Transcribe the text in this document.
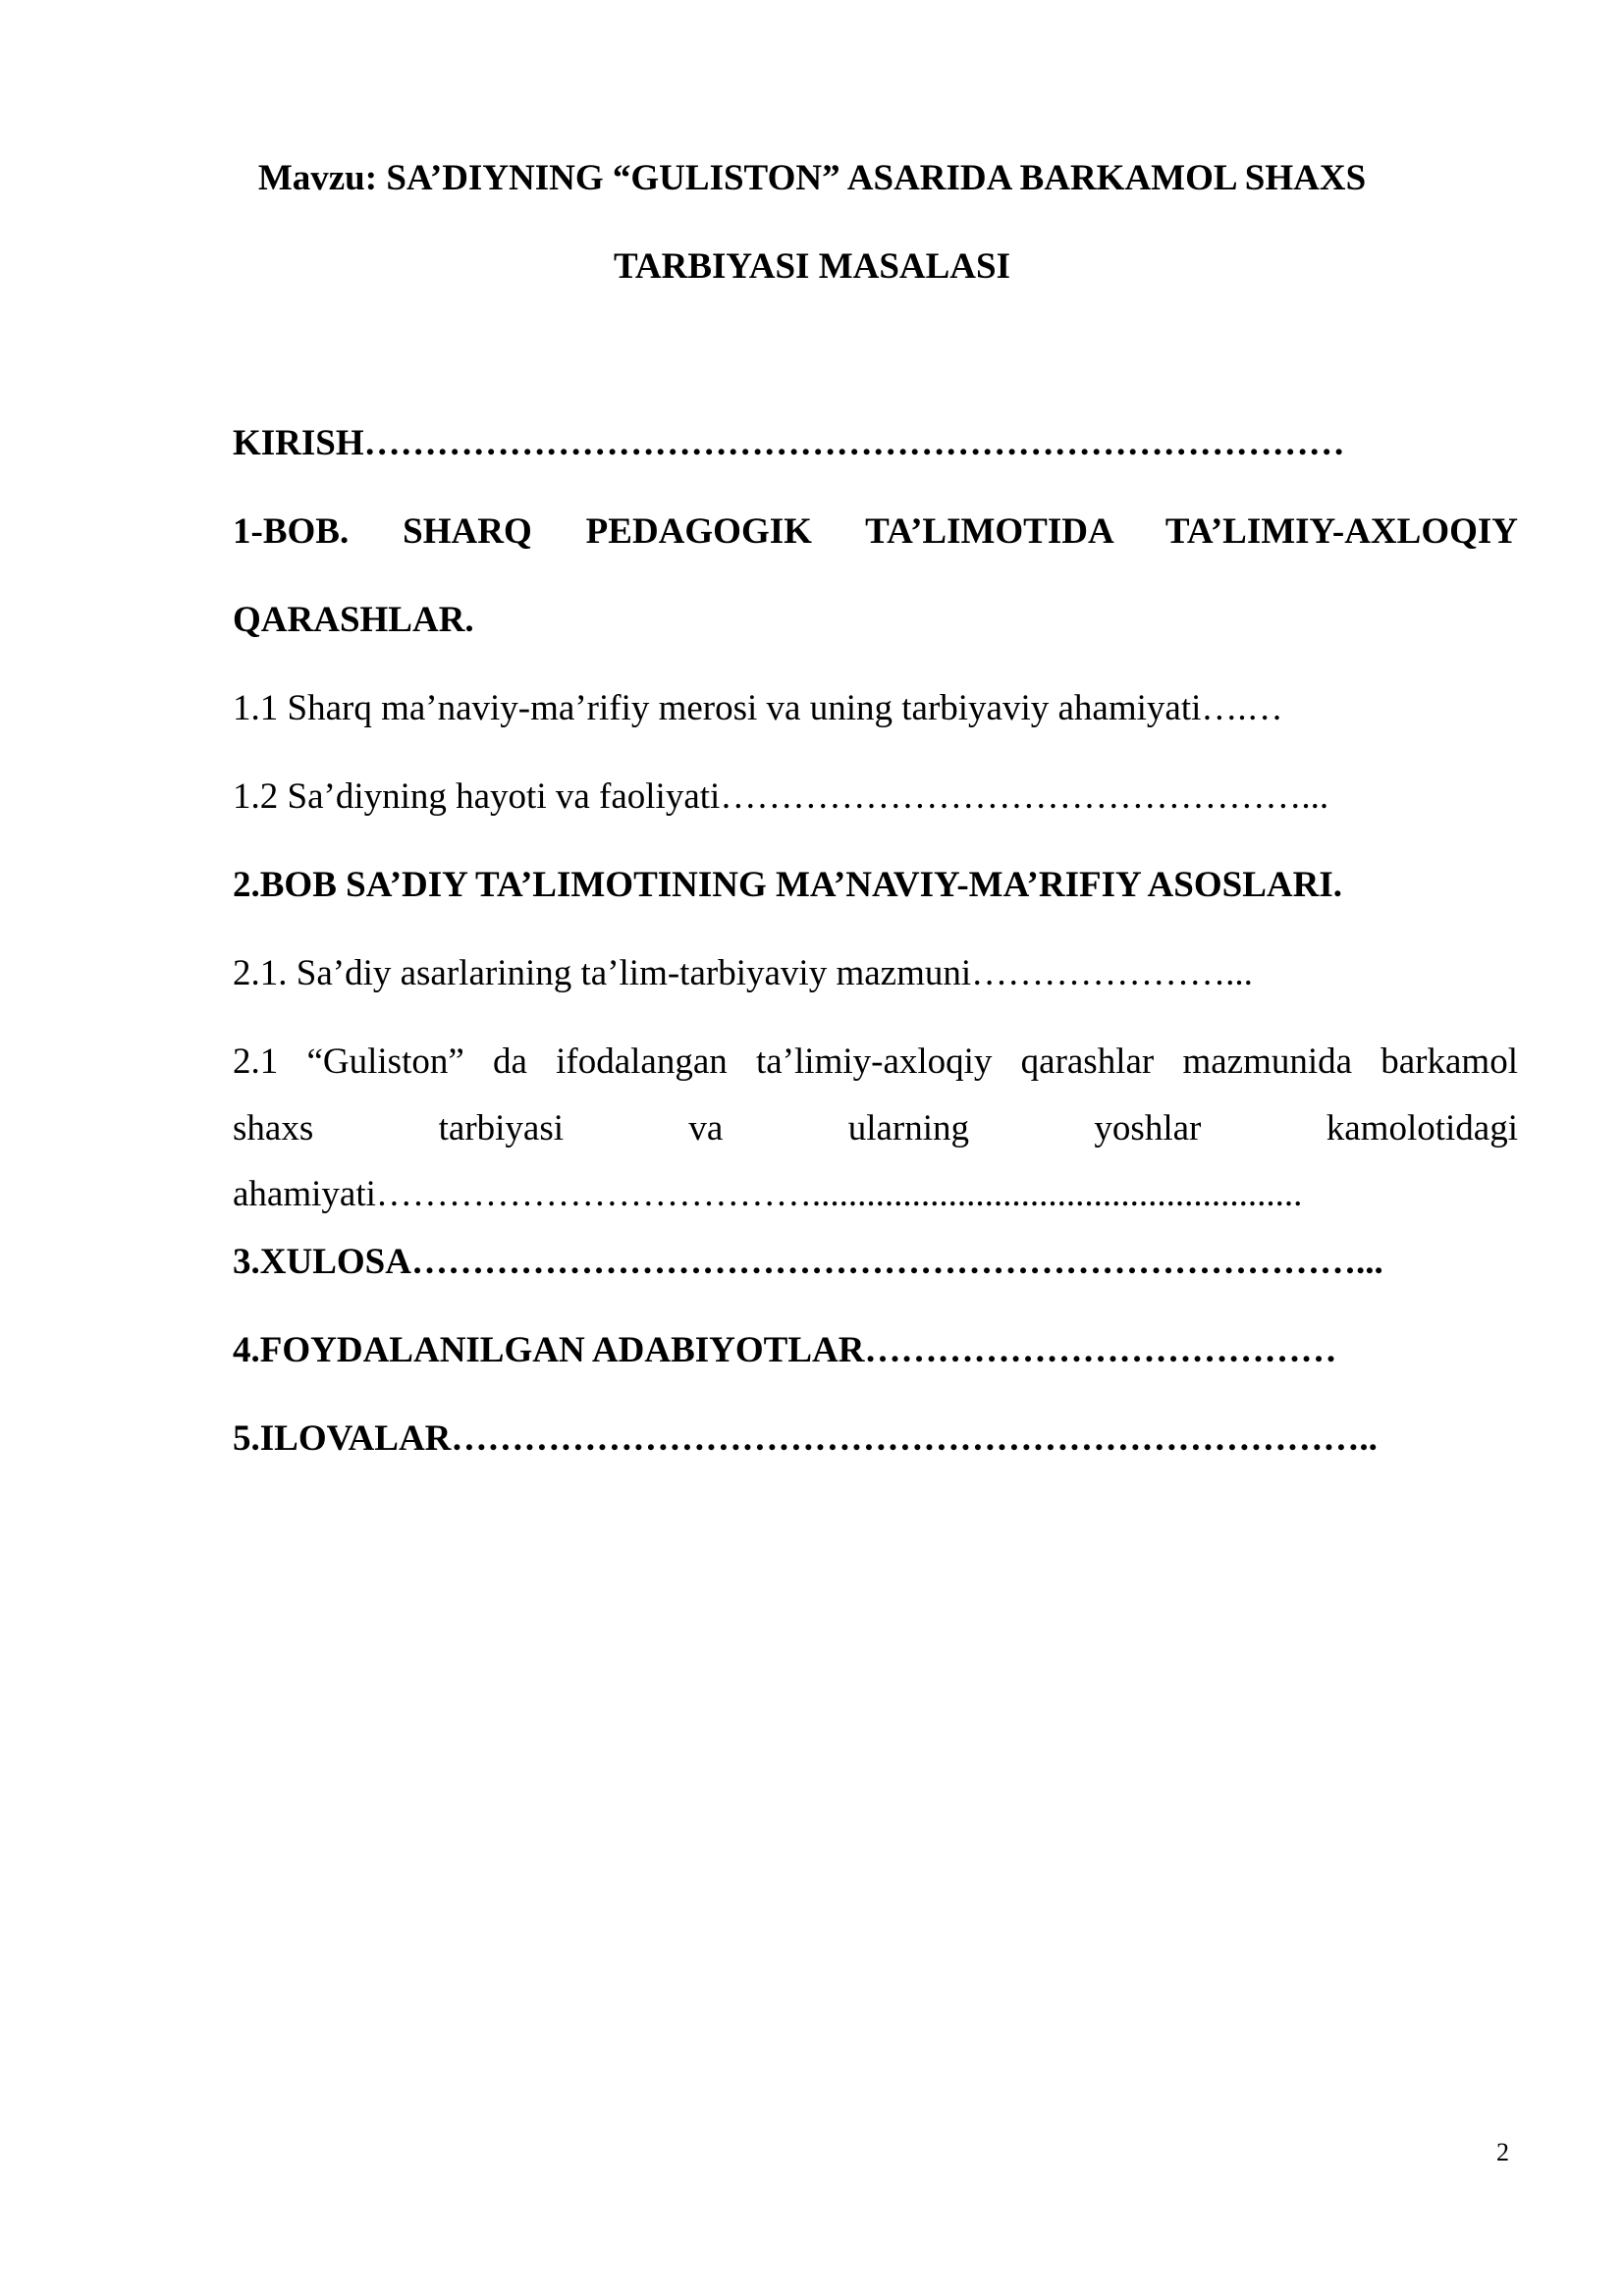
Mavzu: SA’DIYNING “GULISTON” ASARIDA BARKAMOL SHAXS
TARBIYASI MASALASI
KIRISH………………………………………………………………………
1-BOB. SHARQ PEDAGOGIK TA’LIMOTIDA TA’LIMIY-AXLOQIY
QARASHLAR.
1.1 Sharq ma’naviy-ma’rifiy merosi va uning tarbiyaviy ahamiyati….…
1.2 Sa’diyning hayoti va faoliyati…………………………………………...
2.BOB SA’DIY TA’LIMOTINING MA’NAVIY-MA’RIFIY ASOSLARI.
2.1. Sa’diy asarlarining ta’lim-tarbiyaviy mazmuni…………………...
2.1 “Guliston” da ifodalangan ta’limiy-axloqiy qarashlar mazmunida barkamol
shaxs tarbiyasi va ularning yoshlar kamolotidagi
ahamiyati………………………………......................................................
3.XULOSA……………………………………………………………………...
4.FOYDALANILGAN ADABIYOTLAR…………………………………
5.ILOVALAR…………………………………………………………………..
2
